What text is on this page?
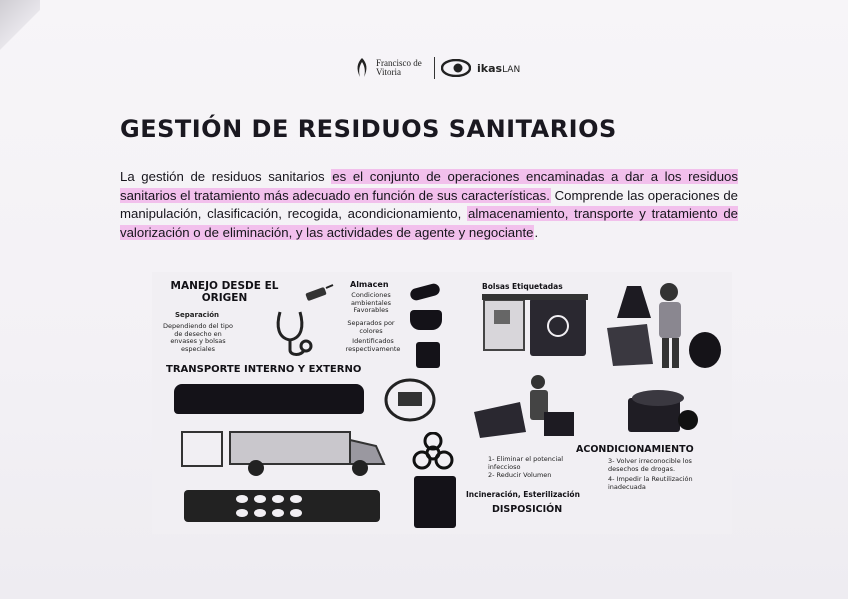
Francisco de Vitoria	ikasLAN
GESTIÓN DE RESIDUOS SANITARIOS

La gestión de residuos sanitarios es el conjunto de operaciones encaminadas a dar a los residuos sanitarios el tratamiento más adecuado en función de sus características. Comprende las operaciones de manipulación, clasificación, recogida, acondicionamiento, almacenamiento, transporte y tratamiento de valorización o de eliminación, y las actividades de agente y negociante.

MANEJO DESDE EL
ORIGEN
Separación
Dependiendo del tipo de desecho en envases y bolsas especiales
Almacen
Condiciones ambientales Favorables
Separados por colores
Identificados respectivamente
Bolsas Etiquetadas
TRANSPORTE INTERNO Y EXTERNO
ACONDICIONAMIENTO
1- Eliminar el potencial infeccioso
2- Reducir Volumen
3- Volver irreconocible los desechos de drogas.
4- Impedir la Reutilización inadecuada
Incineración, Esterilización
DISPOSICIÓN
